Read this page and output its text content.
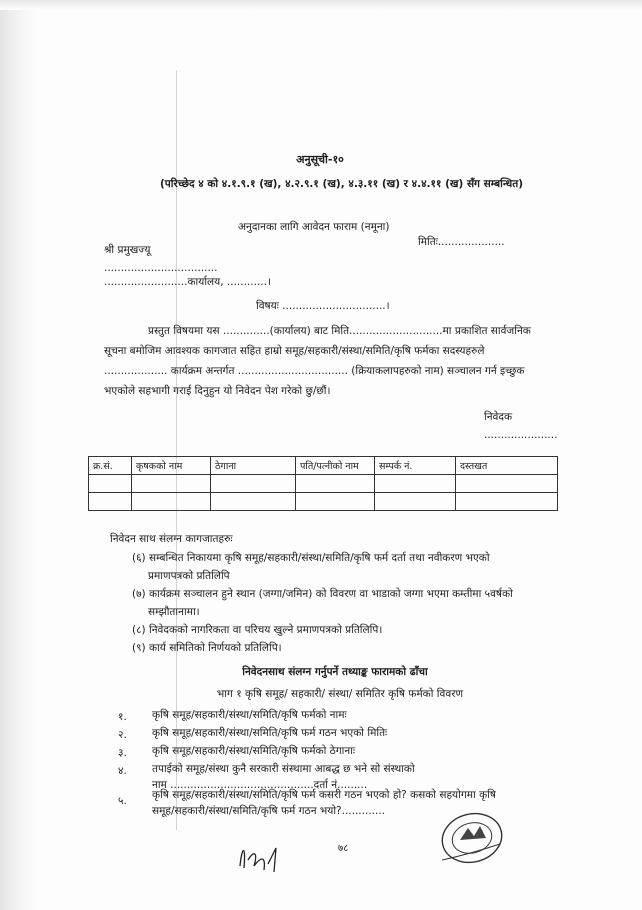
अनुसूची-१०
(परिच्छेद ४ को ४.१.९.१ (ख), ४.२.९.१ (ख), ४.३.११ (ख) र ४.४.११ (ख) सँग सम्बन्धित)
अनुदानका लागि आवेदन फाराम (नमूना)
मितिः....................
श्री प्रमुखज्यू
..................................
.........................कार्यालय, ............।
विषयः ...............................।
प्रस्तुत विषयमा यस ..............(कार्यालय) बाट मिति............................मा प्रकाशित सार्वजनिक
सूचना बमोजिम आवश्यक कागजात सहित हाम्रो समूह/सहकारी/संस्था/समिति/कृषि फर्मका सदस्यहरुले
................... कार्यक्रम अन्तर्गत ................................. (क्रियाकलापहरुको नाम) सञ्चालन गर्न इच्छुक
भएकोले सहभागी गराई दिनुहुन यो निवेदन पेश गरेको छु/छौं।
निवेदक
......................
क्र.सं.	कृषकको नाम	ठेगाना	पति/पत्नीको नाम	सम्पर्क नं.	दस्तखत

निवेदन साथ संलग्न कागजातहरुः
(६) सम्बन्धित निकायमा कृषि समूह/सहकारी/संस्था/समिति/कृषि फर्म दर्ता तथा नवीकरण भएको
प्रमाणपत्रको प्रतिलिपि
(७) कार्यक्रम सञ्चालन हुने स्थान (जग्गा/जमिन) को विवरण वा भाडाको जग्गा भएमा कम्तीमा ५वर्षको
सम्झौतानामा।
(८) निवेदकको नागरिकता वा परिचय खुल्ने प्रमाणपत्रको प्रतिलिपि।
(९) कार्य समितिको निर्णयको प्रतिलिपि।
निवेदनसाथ संलग्न गर्नुपर्ने तथ्याङ्क फारामको ढाँचा
भाग १ कृषि समूह/ सहकारी/ संस्था/ समितिर कृषि फर्मको विवरण
१. कृषि समूह/सहकारी/संस्था/समिति/कृषि फर्मको नामः
२. कृषि समूह/सहकारी/संस्था/समिति/कृषि फर्म गठन भएको मितिः
३. कृषि समूह/सहकारी/संस्था/समिति/कृषि फर्मको ठेगानाः
४. तपाईको समूह/संस्था कुनै सरकारी संस्थामा आबद्ध छ भने सो संस्थाको
नाम ...........................................दर्ता नं.........
५. कृषि समूह/सहकारी/संस्था/समिति/कृषि फर्म कसरी गठन भएको हो? कसको सहयोगमा कृषि
समूह/सहकारी/संस्था/समिति/कृषि फर्म गठन भयो?.............
७८
